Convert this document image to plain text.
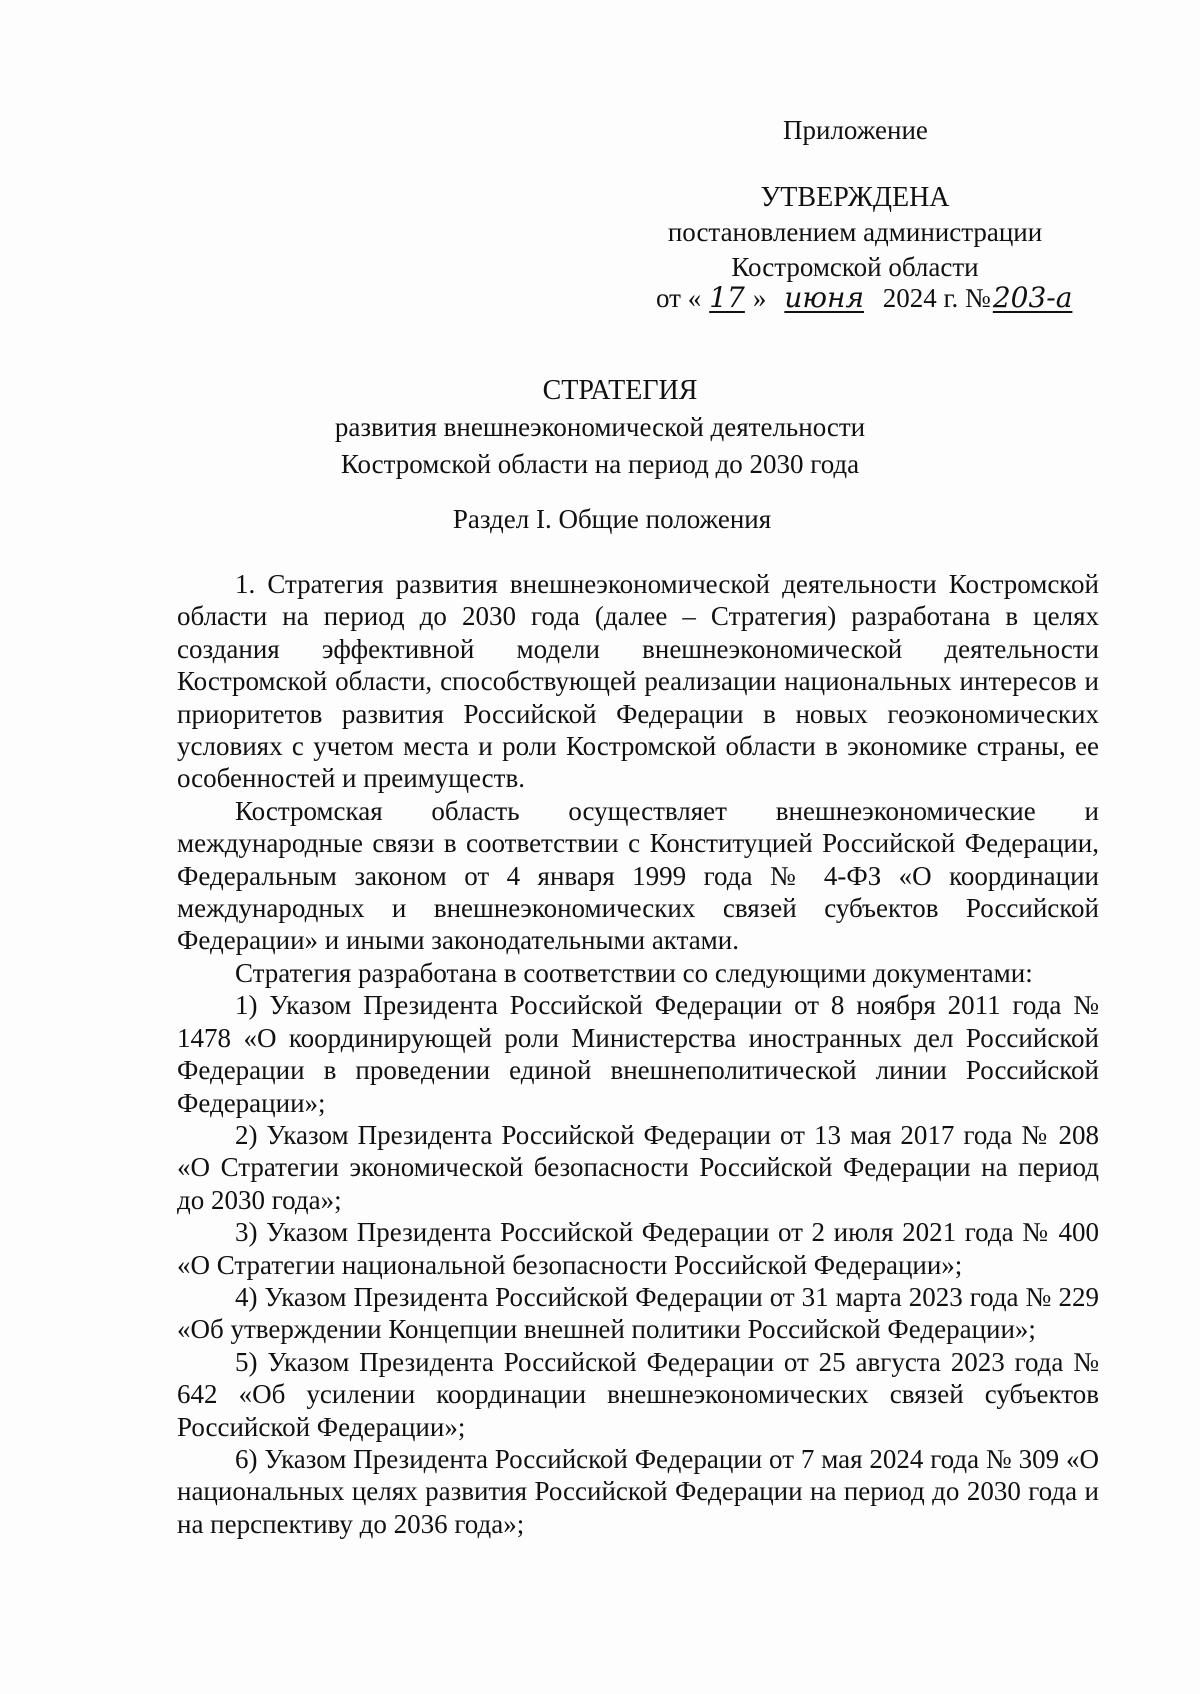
Приложение
УТВЕРЖДЕНА
постановлением администрации
Костромской области
от « 17 » июня 2024 г. №203-а
СТРАТЕГИЯ
развития внешнеэкономической деятельности
Костромской области на период до 2030 года
Раздел I. Общие положения

1. Стратегия развития внешнеэкономической деятельности Костромской области на период до 2030 года (далее – Стратегия) разработана в целях создания эффективной модели внешнеэкономической деятельности Костромской области, способствующей реализации национальных интересов и приоритетов развития Российской Федерации в новых геоэкономических условиях с учетом места и роли Костромской области в экономике страны, ее особенностей и преимуществ.

Костромская область осуществляет внешнеэкономические и международные связи в соответствии с Конституцией Российской Федерации, Федеральным законом от 4 января 1999 года № 4-ФЗ «О координации международных и внешнеэкономических связей субъектов Российской Федерации» и иными законодательными актами.

Стратегия разработана в соответствии со следующими документами:

1) Указом Президента Российской Федерации от 8 ноября 2011 года № 1478 «О координирующей роли Министерства иностранных дел Российской Федерации в проведении единой внешнеполитической линии Российской Федерации»;

2) Указом Президента Российской Федерации от 13 мая 2017 года № 208 «О Стратегии экономической безопасности Российской Федерации на период до 2030 года»;

3) Указом Президента Российской Федерации от 2 июля 2021 года № 400 «О Стратегии национальной безопасности Российской Федерации»;

4) Указом Президента Российской Федерации от 31 марта 2023 года № 229 «Об утверждении Концепции внешней политики Российской Федерации»;

5) Указом Президента Российской Федерации от 25 августа 2023 года № 642 «Об усилении координации внешнеэкономических связей субъектов Российской Федерации»;

6) Указом Президента Российской Федерации от 7 мая 2024 года № 309 «О национальных целях развития Российской Федерации на период до 2030 года и на перспективу до 2036 года»;
